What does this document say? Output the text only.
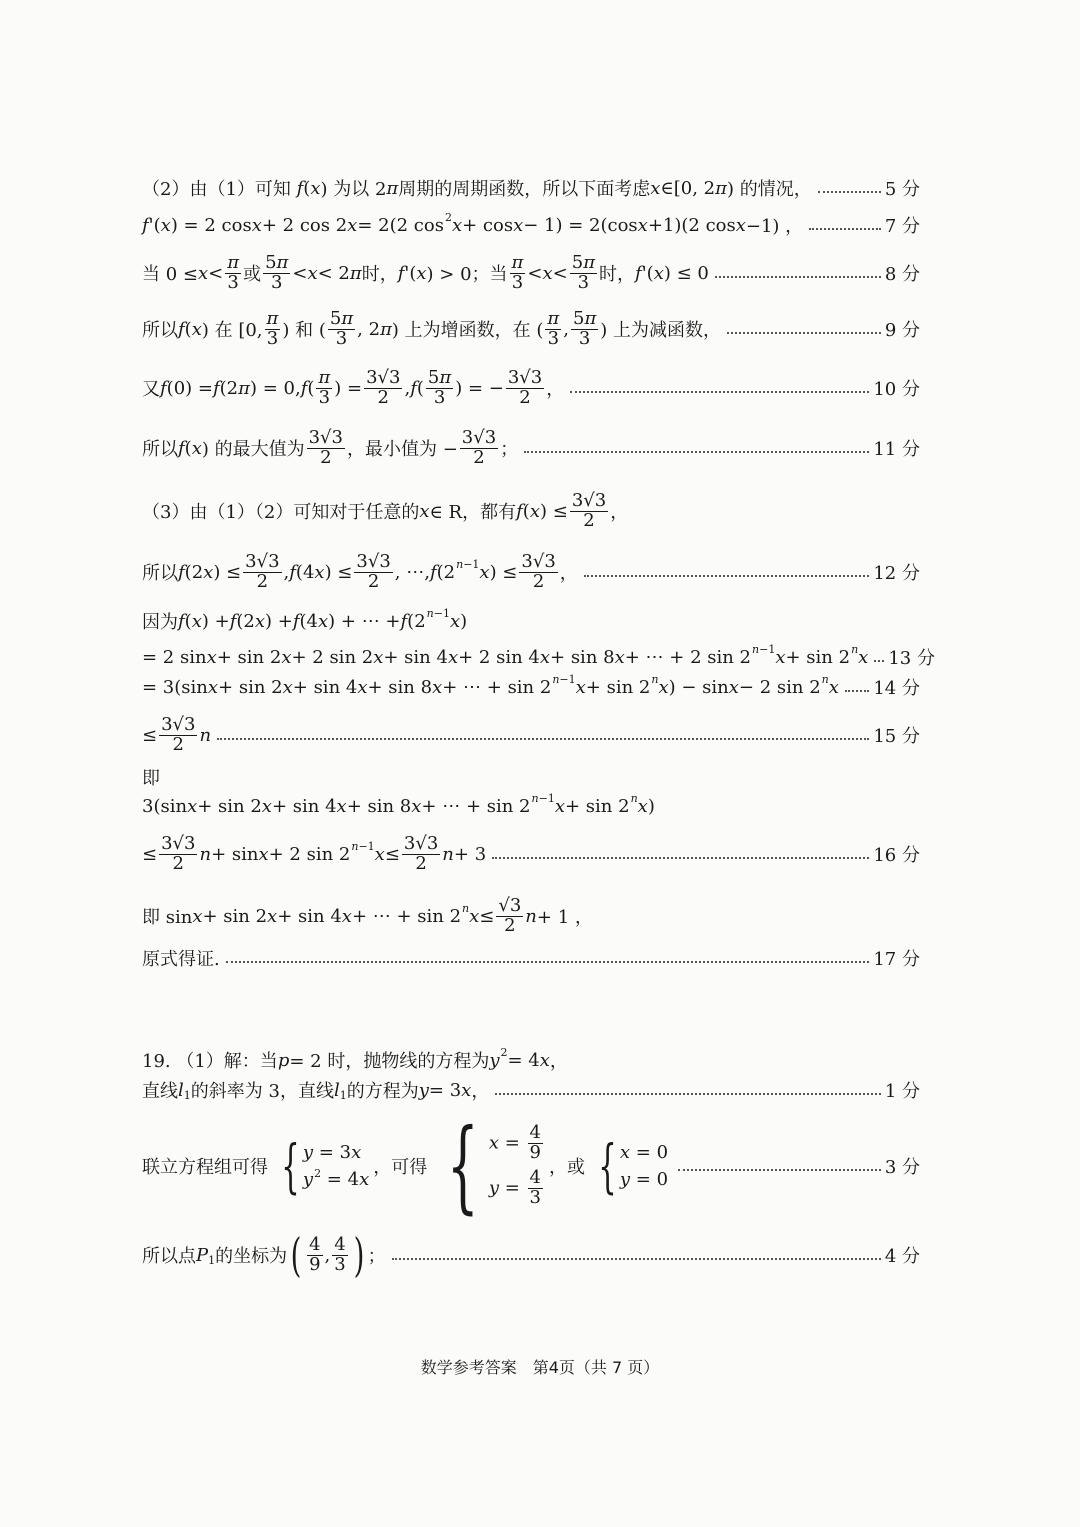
（2）由（1）可知 f ( x ) 为以 2 π 周期的周期函数，所以下面考虑 x ∈[0, 2 π ) 的情况，	5 分
f '( x ) = 2 cos x + 2 cos 2 x = 2(2 cos 2 x + cos x − 1) = 2(cos x +1)(2 cos x −1) ，	7 分
当 $0 \le x < \frac{\pi}{3}$ 或 $\frac{5\pi}{3} < x < 2$ π 时， f '( x ) > 0；当 $\frac{\pi}{3} < x < \frac{5\pi}{3}$ 时， f '( x ) ≤ 0	8 分
所以 f ( x ) 在 [0, $\frac{\pi}{3}$ ) 和 ( $\frac{5\pi}{3}$ , 2 π ) 上为增函数，在 ( $\frac{\pi}{3}$ , $\frac{5\pi}{3}$ ) 上为减函数，	9 分
又 f (0) = f (2 π ) = 0, f ( $\frac{\pi}{3}$ ) = $\frac{3√3}{2}$ , f ( $\frac{5\pi}{3}$ ) = − $\frac{3√3}{2}$ ，	10 分
所以 f ( x ) 的最大值为 $\frac{3√3}{2}$ ，最小值为 − $\frac{3√3}{2}$ ；	11 分
（3）由（1）（2）可知对于任意的 x ∈ R，都有 f ( x ) ≤ $\frac{3√3}{2}$ ，
所以 f (2 x ) ≤ $\frac{3√3}{2}$ , f (4 x ) ≤ $\frac{3√3}{2}$ , ⋯, f (2 n−1 x ) ≤ $\frac{3√3}{2}$ ，	12 分
因为 f ( x ) + f (2 x ) + f (4 x ) + ⋯ + f (2 n−1 x )
= 2 sin x + sin 2 x + 2 sin 2 x + sin 4 x + 2 sin 4 x + sin 8 x + ⋯ + 2 sin 2 n−1 x + sin 2 n x 13 分
= 3(sin x + sin 2 x + sin 4 x + sin 8 x + ⋯ + sin 2 n−1 x + sin 2 n x ) − sin x − 2 sin 2 n x 14 分
≤ $\frac{3√3}{2}$ n	15 分
即
3(sin x + sin 2 x + sin 4 x + sin 8 x + ⋯ + sin 2 n−1 x + sin 2 n x )
≤ $\frac{3√3}{2}$ n + sin x + 2 sin 2 n−1 $x \le \frac{3√3}{2}$ n + 3	16 分
即 sin x + sin 2 x + sin 4 x + ⋯ + sin 2 n $x \le \frac{√3}{2}$ n + 1 ，
原式得证.	17 分
19. （1）解：当 p = 2 时，抛物线的方程为 y 2 = 4 x ，
直线 l 1 的斜率为 3，直线 l 1 的方程为 y = 3 x ，	1 分
联立方程组可得 { y = 3x
$y^2 = 4x$
，可得 { $x = \frac{4}{9}$
$y = \frac{4}{3}$
，或 { x = 0
y = 0
3 分
所以点 P 1 的坐标为 ( $\frac{4}{9}$ , $\frac{4}{3}$ ) ；	4 分
数学参考答案　第4页（共 7 页）
